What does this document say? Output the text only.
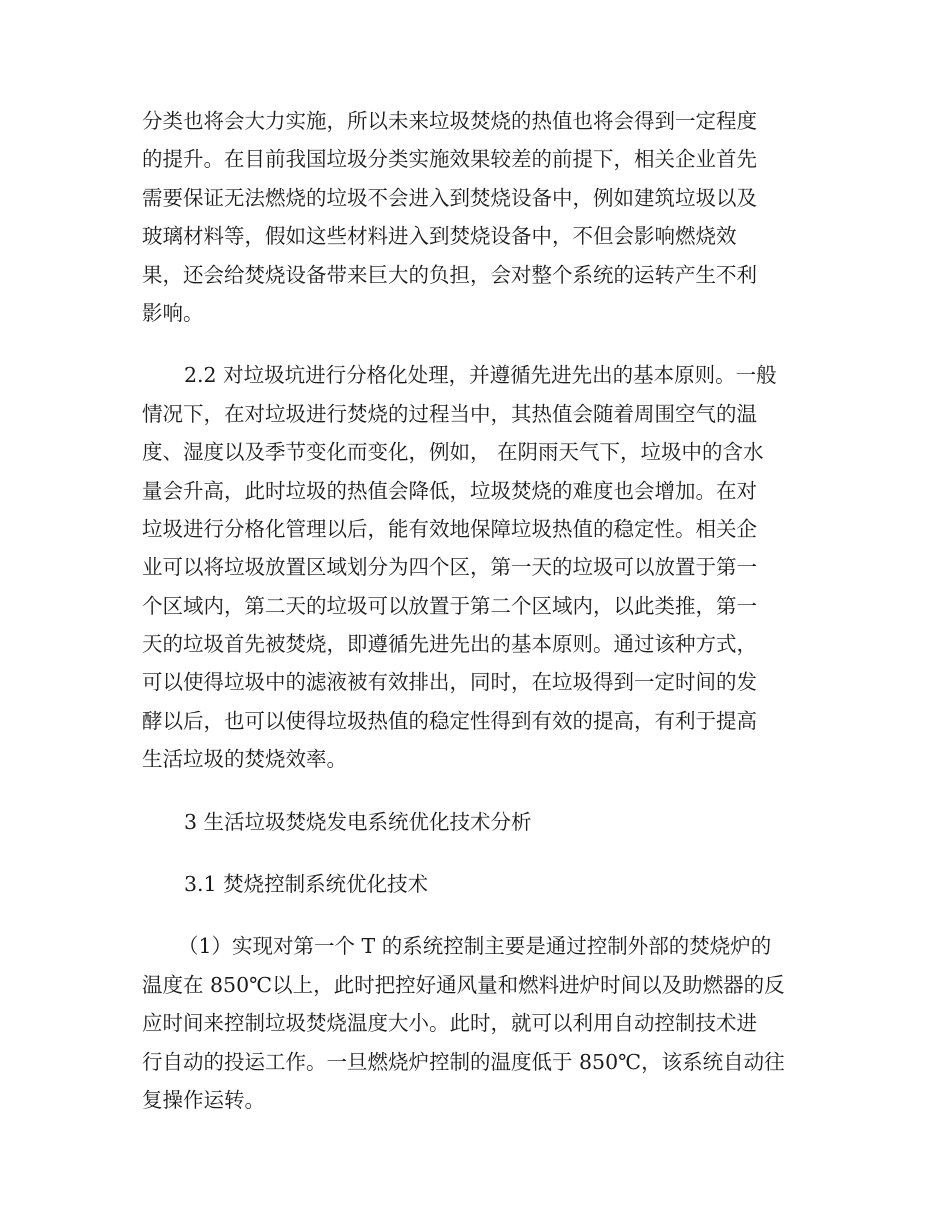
分类也将会大力实施，所以未来垃圾焚烧的热值也将会得到一定程度

的提升。在目前我国垃圾分类实施效果较差的前提下，相关企业首先

需要保证无法燃烧的垃圾不会进入到焚烧设备中，例如建筑垃圾以及

玻璃材料等，假如这些材料进入到焚烧设备中，不但会影响燃烧效

果，还会给焚烧设备带来巨大的负担，会对整个系统的运转产生不利

影响。

2.2 对垃圾坑进行分格化处理，并遵循先进先出的基本原则。一般

情况下，在对垃圾进行焚烧的过程当中，其热值会随着周围空气的温

度、湿度以及季节变化而变化，例如， 在阴雨天气下，垃圾中的含水

量会升高，此时垃圾的热值会降低，垃圾焚烧的难度也会增加。在对

垃圾进行分格化管理以后，能有效地保障垃圾热值的稳定性。相关企

业可以将垃圾放置区域划分为四个区，第一天的垃圾可以放置于第一

个区域内，第二天的垃圾可以放置于第二个区域内，以此类推，第一

天的垃圾首先被焚烧，即遵循先进先出的基本原则。通过该种方式，

可以使得垃圾中的滤液被有效排出，同时，在垃圾得到一定时间的发

酵以后，也可以使得垃圾热值的稳定性得到有效的提高，有利于提高

生活垃圾的焚烧效率。

3 生活垃圾焚烧发电系统优化技术分析

3.1 焚烧控制系统优化技术

（1）实现对第一个 T 的系统控制主要是通过控制外部的焚烧炉的

温度在 850℃以上，此时把控好通风量和燃料进炉时间以及助燃器的反

应时间来控制垃圾焚烧温度大小。此时，就可以利用自动控制技术进

行自动的投运工作。一旦燃烧炉控制的温度低于 850℃，该系统自动往

复操作运转。
